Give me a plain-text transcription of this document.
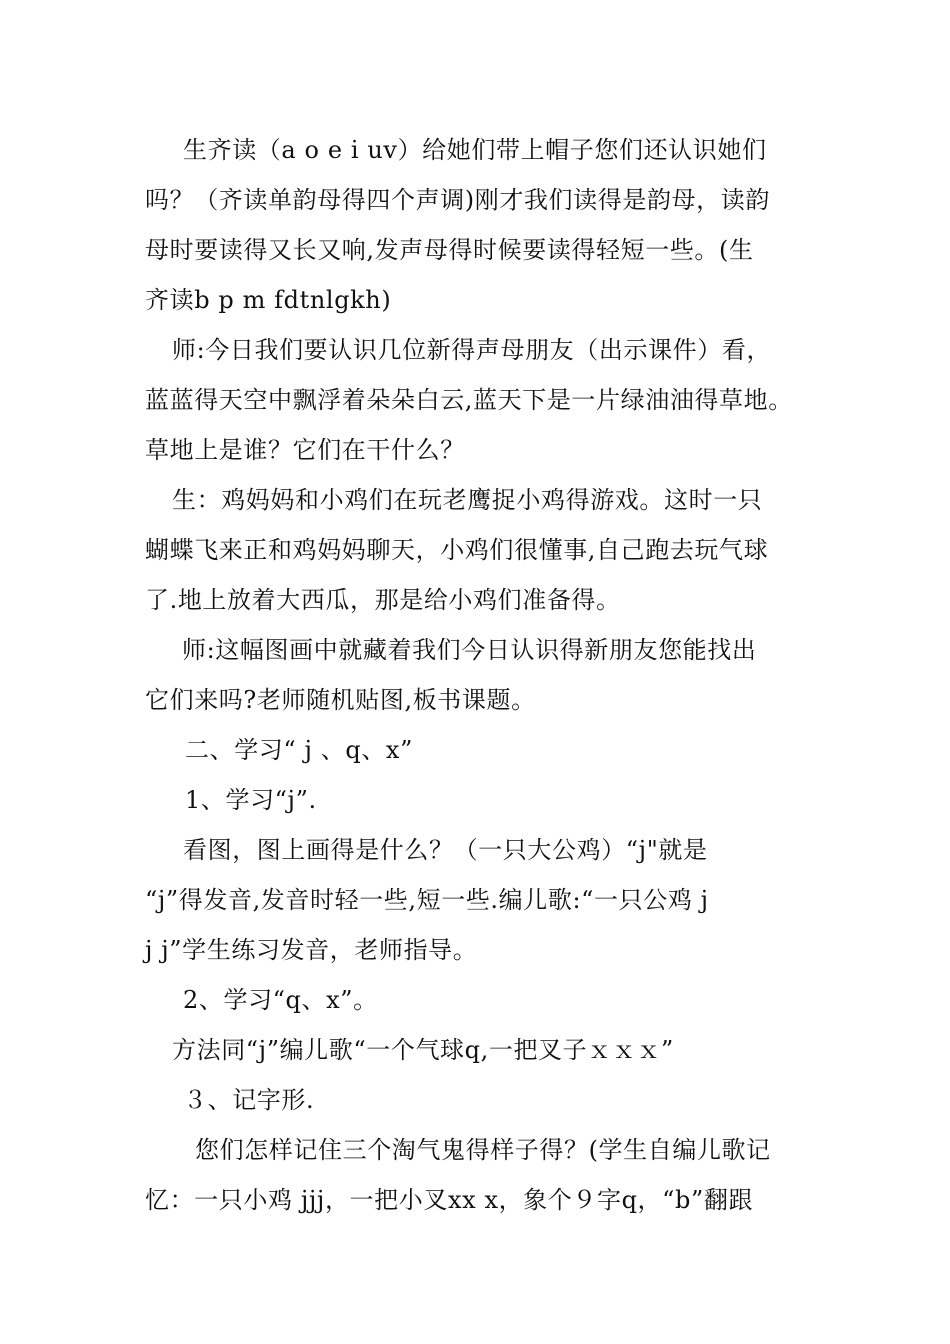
生齐读（a o e i uv）给她们带上帽子您们还认识她们
吗？（齐读单韵母得四个声调)刚才我们读得是韵母，读韵
母时要读得又长又响,发声母得时候要读得轻短一些。(生
齐读b p m fdtnlgkh)
师:今日我们要认识几位新得声母朋友（出示课件）看，
蓝蓝得天空中飘浮着朵朵白云,蓝天下是一片绿油油得草地。
草地上是谁？它们在干什么？
生：鸡妈妈和小鸡们在玩老鹰捉小鸡得游戏。这时一只
蝴蝶飞来正和鸡妈妈聊天，小鸡们很懂事,自己跑去玩气球
了.地上放着大西瓜，那是给小鸡们准备得。
师:这幅图画中就藏着我们今日认识得新朋友您能找出
它们来吗?老师随机贴图,板书课题。
二、学习“ j 、q、x”
1、学习“j”.
看图，图上画得是什么？（一只大公鸡）“j"就是
“j”得发音,发音时轻一些,短一些.编儿歌:“一只公鸡 j
j j”学生练习发音，老师指导。
2、学习“q、x”。
方法同“j”编儿歌“一个气球q,一把叉子ｘｘｘ”
３、记字形.
您们怎样记住三个淘气鬼得样子得？(学生自编儿歌记
忆：一只小鸡 jjj，一把小叉xx x，象个９字q，“b”翻跟
